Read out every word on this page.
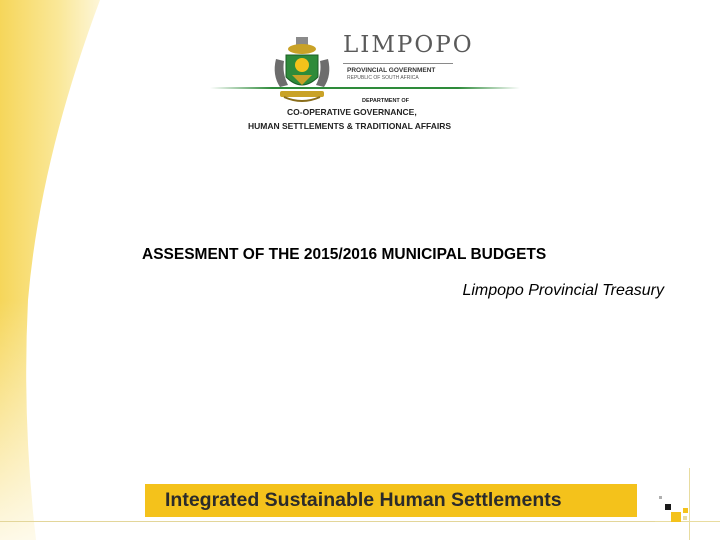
LIMPOPO
PROVINCIAL GOVERNMENT
REPUBLIC OF SOUTH AFRICA
DEPARTMENT OF
CO-OPERATIVE GOVERNANCE,
HUMAN SETTLEMENTS & TRADITIONAL AFFAIRS
ASSESMENT OF THE 2015/2016 MUNICIPAL BUDGETS
Limpopo Provincial Treasury
Integrated Sustainable Human Settlements
